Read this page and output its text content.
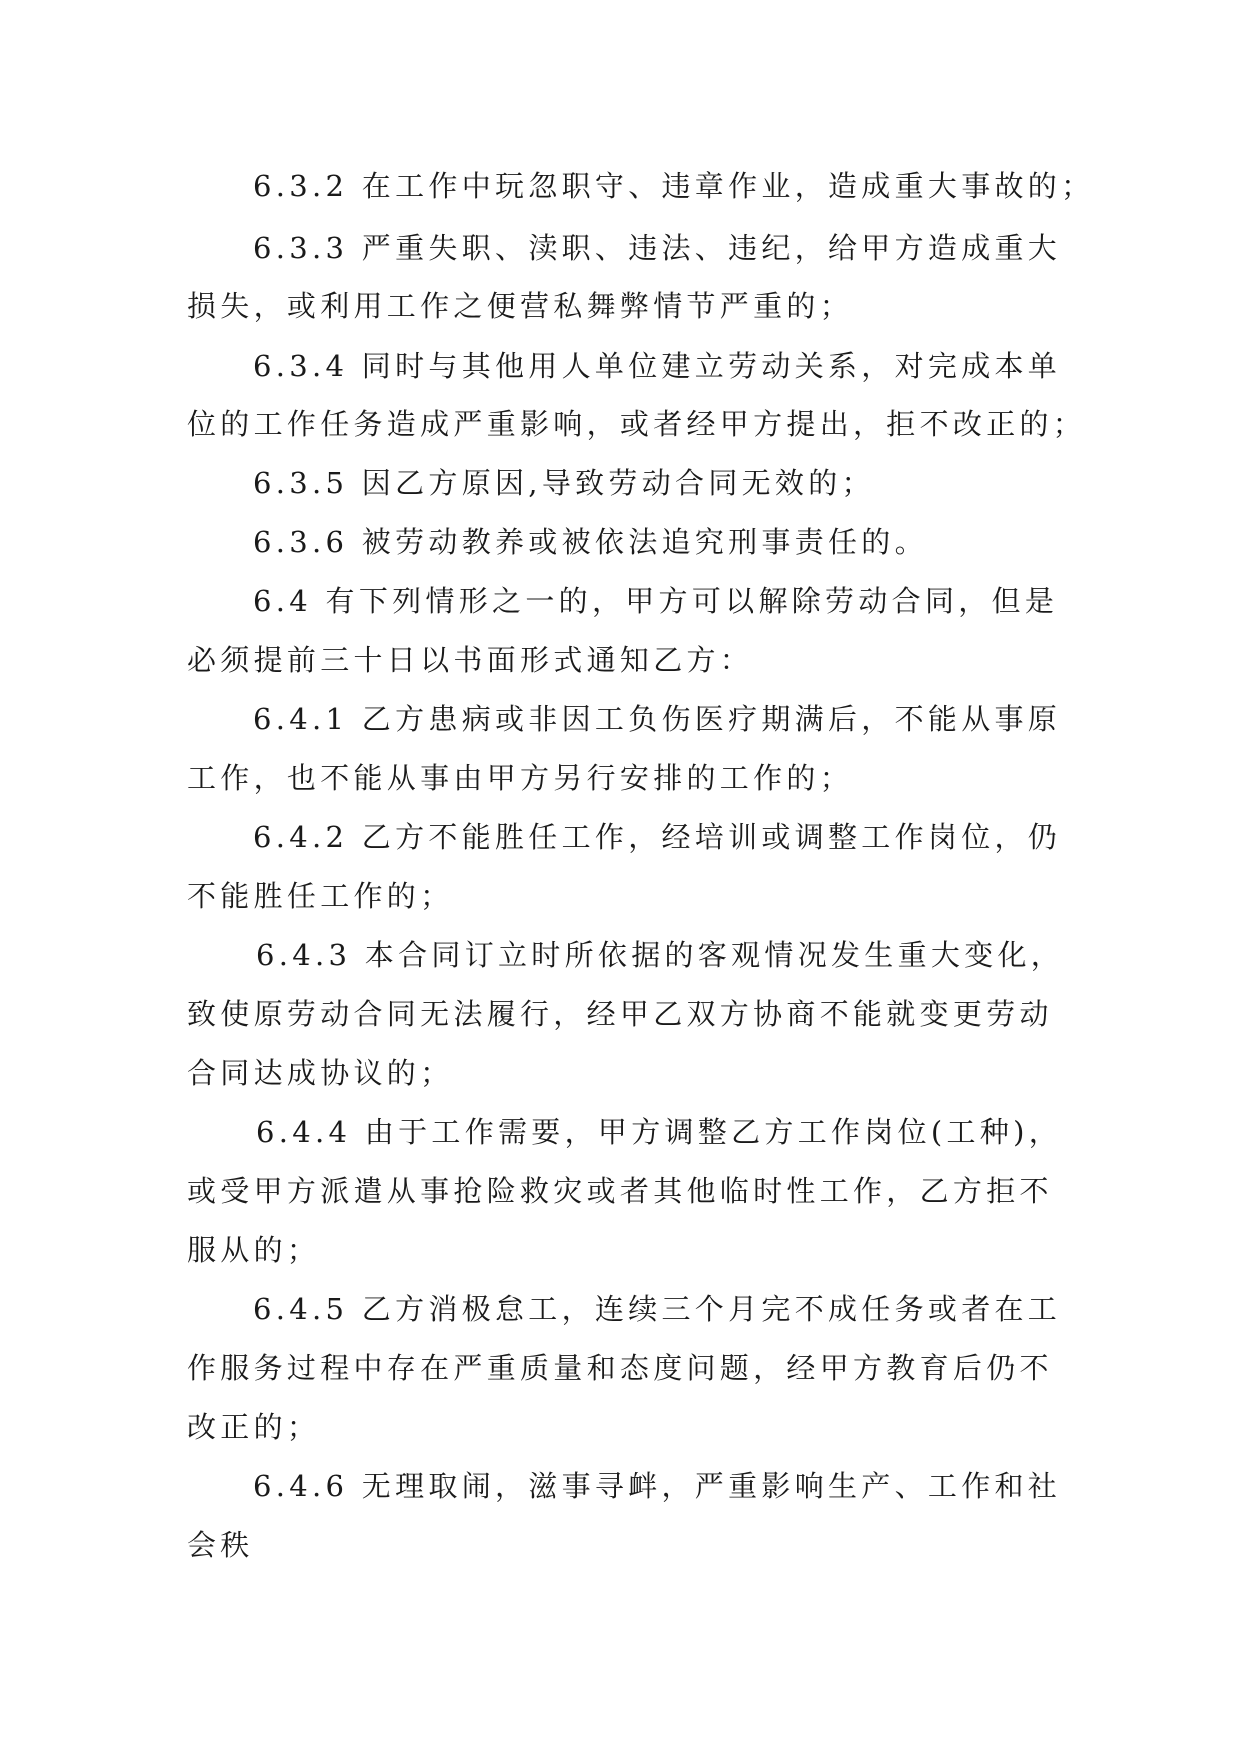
6.3.2 在工作中玩忽职守、违章作业，造成重大事故的；
6.3.3 严重失职、渎职、违法、违纪，给甲方造成重大
损失，或利用工作之便营私舞弊情节严重的；
6.3.4 同时与其他用人单位建立劳动关系，对完成本单
位的工作任务造成严重影响，或者经甲方提出，拒不改正的；
6.3.5 因乙方原因,导致劳动合同无效的；
6.3.6 被劳动教养或被依法追究刑事责任的。
6.4 有下列情形之一的，甲方可以解除劳动合同，但是
必须提前三十日以书面形式通知乙方：
6.4.1 乙方患病或非因工负伤医疗期满后，不能从事原
工作，也不能从事由甲方另行安排的工作的；
6.4.2 乙方不能胜任工作，经培训或调整工作岗位，仍
不能胜任工作的；
6.4.3 本合同订立时所依据的客观情况发生重大变化，
致使原劳动合同无法履行，经甲乙双方协商不能就变更劳动
合同达成协议的；
6.4.4 由于工作需要，甲方调整乙方工作岗位(工种)，
或受甲方派遣从事抢险救灾或者其他临时性工作，乙方拒不
服从的；
6.4.5 乙方消极怠工，连续三个月完不成任务或者在工
作服务过程中存在严重质量和态度问题，经甲方教育后仍不
改正的；
6.4.6 无理取闹，滋事寻衅，严重影响生产、工作和社
会秩
